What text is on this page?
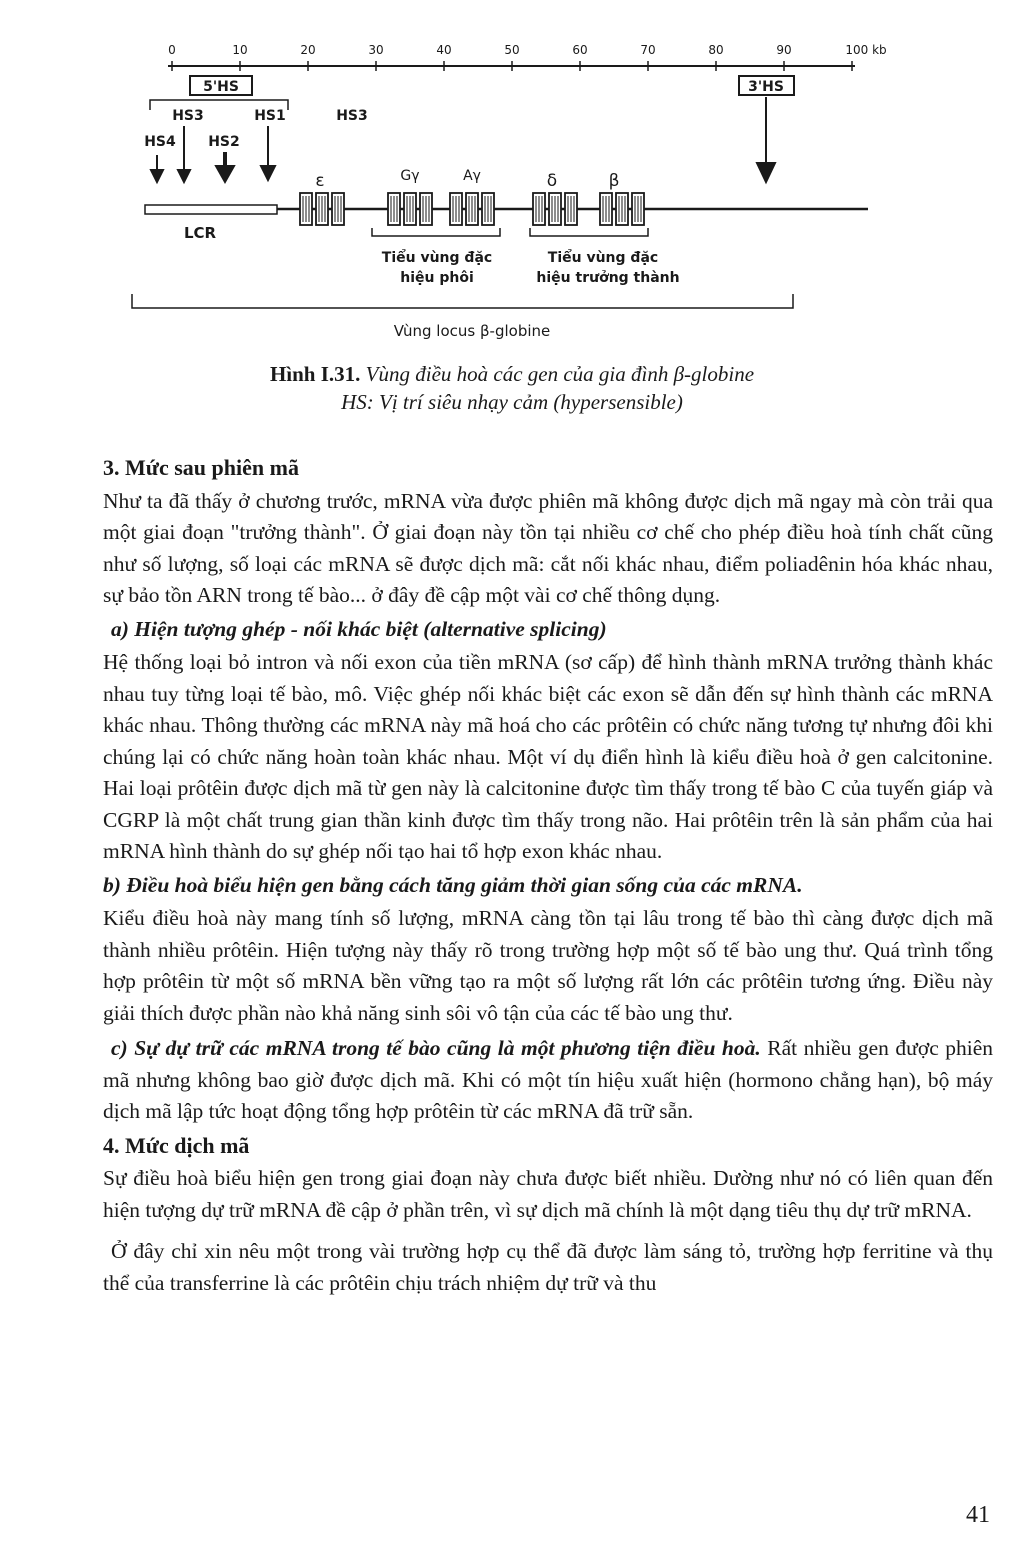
0	10	20	30	40	50	60	70	80	90	100 kb
5'HS	3'HS
HS3	HS1	HS3
HS4 HS2
LCR
ε	Gγ	Aγ	δ	β
Tiểu vùng đặc
hiệu phôi
Tiểu vùng đặc
hiệu trưởng thành
Vùng locus β-globine
Hình I.31. Vùng điều hoà các gen của gia đình β-globine
HS: Vị trí siêu nhạy cảm (hypersensible)
3. Mức sau phiên mã

Như ta đã thấy ở chương trước, mRNA vừa được phiên mã không được dịch mã ngay mà còn trải qua một giai đoạn "trưởng thành". Ở giai đoạn này tồn tại nhiều cơ chế cho phép điều hoà tính chất cũng như số lượng, số loại các mRNA sẽ được dịch mã: cắt nối khác nhau, điểm poliadênin hóa khác nhau, sự bảo tồn ARN trong tế bào... ở đây đề cập một vài cơ chế thông dụng.

a) Hiện tượng ghép - nối khác biệt (alternative splicing)

Hệ thống loại bỏ intron và nối exon của tiền mRNA (sơ cấp) để hình thành mRNA trưởng thành khác nhau tuy từng loại tế bào, mô. Việc ghép nối khác biệt các exon sẽ dẫn đến sự hình thành các mRNA khác nhau. Thông thường các mRNA này mã hoá cho các prôtêin có chức năng tương tự nhưng đôi khi chúng lại có chức năng hoàn toàn khác nhau. Một ví dụ điển hình là kiểu điều hoà ở gen calcitonine. Hai loại prôtêin được dịch mã từ gen này là calcitonine được tìm thấy trong tế bào C của tuyến giáp và CGRP là một chất trung gian thần kinh được tìm thấy trong não. Hai prôtêin trên là sản phẩm của hai mRNA hình thành do sự ghép nối tạo hai tổ hợp exon khác nhau.

b) Điều hoà biểu hiện gen bằng cách tăng giảm thời gian sống của các mRNA.

Kiểu điều hoà này mang tính số lượng, mRNA càng tồn tại lâu trong tế bào thì càng được dịch mã thành nhiều prôtêin. Hiện tượng này thấy rõ trong trường hợp một số tế bào ung thư. Quá trình tổng hợp prôtêin từ một số mRNA bền vững tạo ra một số lượng rất lớn các prôtêin tương ứng. Điều này giải thích được phần nào khả năng sinh sôi vô tận của các tế bào ung thư.

c) Sự dự trữ các mRNA trong tế bào cũng là một phương tiện điều hoà. Rất nhiều gen được phiên mã nhưng không bao giờ được dịch mã. Khi có một tín hiệu xuất hiện (hormono chẳng hạn), bộ máy dịch mã lập tức hoạt động tổng hợp prôtêin từ các mRNA đã trữ sẵn.

4. Mức dịch mã

Sự điều hoà biểu hiện gen trong giai đoạn này chưa được biết nhiều. Dường như nó có liên quan đến hiện tượng dự trữ mRNA đề cập ở phần trên, vì sự dịch mã chính là một dạng tiêu thụ dự trữ mRNA.

Ở đây chỉ xin nêu một trong vài trường hợp cụ thể đã được làm sáng tỏ, trường hợp ferritine và thụ thể của transferrine là các prôtêin chịu trách nhiệm dự trữ và thu

41
